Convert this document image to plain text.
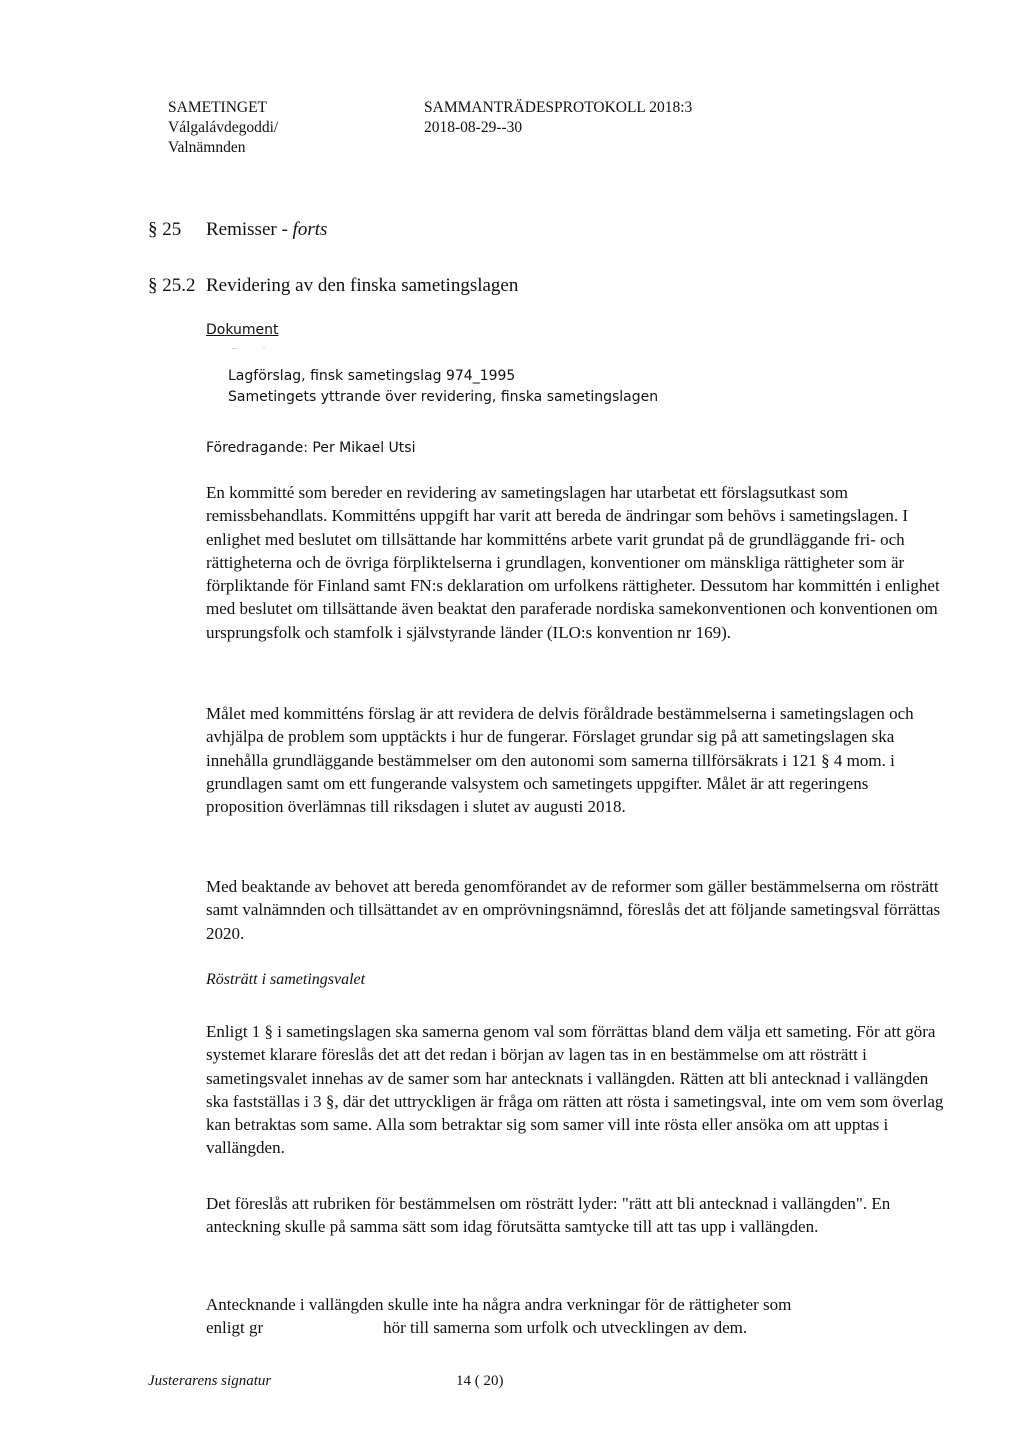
SAMETINGET
Válgalávdegoddi/
Valnämnden
SAMMANTRÄDESPROTOKOLL 2018:3
2018-08-29--30
§ 25 Remisser - forts
§ 25.2 Revidering av den finska sametingslagen
Dokument
–        ·
Lagförslag, finsk sametingslag 974_1995
Sametingets yttrande över revidering, finska sametingslagen
Föredragande: Per Mikael Utsi

En kommitté som bereder en revidering av sametingslagen har utarbetat ett förslagsutkast som remissbehandlats. Kommitténs uppgift har varit att bereda de ändringar som behövs i sametingslagen. I enlighet med beslutet om tillsättande har kommitténs arbete varit grundat på de grundläggande fri- och rättigheterna och de övriga förpliktelserna i grundlagen, konventioner om mänskliga rättigheter som är förpliktande för Finland samt FN:s deklaration om urfolkens rättigheter. Dessutom har kommittén i enlighet med beslutet om tillsättande även beaktat den paraferade nordiska samekonventionen och konventionen om ursprungsfolk och stamfolk i självstyrande länder (ILO:s konvention nr 169).

Målet med kommitténs förslag är att revidera de delvis föråldrade bestämmelserna i sametingslagen och avhjälpa de problem som upptäckts i hur de fungerar. Förslaget grundar sig på att sametingslagen ska innehålla grundläggande bestämmelser om den autonomi som samerna tillförsäkrats i 121 § 4 mom. i grundlagen samt om ett fungerande valsystem och sametingets uppgifter. Målet är att regeringens proposition överlämnas till riksdagen i slutet av augusti 2018.

Med beaktande av behovet att bereda genomförandet av de reformer som gäller bestämmelserna om rösträtt samt valnämnden och tillsättandet av en omprövningsnämnd, föreslås det att följande sametingsval förrättas 2020.

Rösträtt i sametingsvalet

Enligt 1 § i sametingslagen ska samerna genom val som förrättas bland dem välja ett sameting. För att göra systemet klarare föreslås det att det redan i början av lagen tas in en bestämmelse om att rösträtt i sametingsvalet innehas av de samer som har antecknats i vallängden. Rätten att bli antecknad i vallängden ska fastställas i 3 §, där det uttryckligen är fråga om rätten att rösta i sametingsval, inte om vem som överlag kan betraktas som same. Alla som betraktar sig som samer vill inte rösta eller ansöka om att upptas i vallängden.

Det föreslås att rubriken för bestämmelsen om rösträtt lyder: "rätt att bli antecknad i vallängden". En anteckning skulle på samma sätt som idag förutsätta samtycke till att tas upp i vallängden.

Antecknande i vallängden skulle inte ha några andra verkningar för de rättigheter som
enligt gr	hör till samerna som urfolk och utvecklingen av dem.
Justerarens signatur	14 ( 20)
